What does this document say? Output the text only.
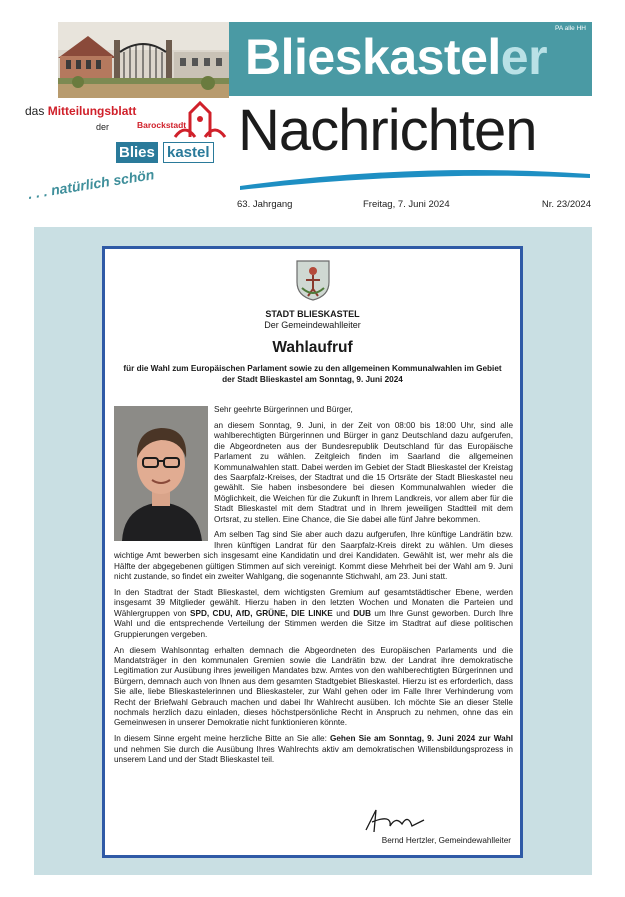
PA alle HH
Blieskasteler
Nachrichten
das Mitteilungsblatt
der	Barockstadt
Blies kastel
. . . natürlich schön
63. Jahrgang	Freitag, 7. Juni 2024	Nr. 23/2024
STADT BLIESKASTEL
Der Gemeindewahlleiter
Wahlaufruf
für die Wahl zum Europäischen Parlament sowie zu den allgemeinen Kommunalwahlen im Gebiet der Stadt Blieskastel am Sonntag, 9. Juni 2024

Sehr geehrte Bürgerinnen und Bürger,

an diesem Sonntag, 9. Juni, in der Zeit von 08:00 bis 18:00 Uhr, sind alle wahlberechtigten Bürgerinnen und Bürger in ganz Deutschland dazu aufgerufen, die Abgeordneten aus der Bundesrepublik Deutschland für das Europäische Parlament zu wählen. Zeitgleich finden im Saarland die allgemeinen Kommunalwahlen statt. Dabei werden im Gebiet der Stadt Blieskastel der Kreistag des Saarpfalz-Kreises, der Stadtrat und die 15 Ortsräte der Stadt Blieskastel neu gewählt. Sie haben insbesondere bei diesen Kommunalwahlen wieder die Möglichkeit, die Weichen für die Zukunft in Ihrem Landkreis, vor allem aber für die Stadt Blieskastel mit dem Stadtrat und in Ihrem jeweiligen Stadtteil mit dem Ortsrat, zu stellen. Eine Chance, die Sie dabei alle fünf Jahre bekommen.

Am selben Tag sind Sie aber auch dazu aufgerufen, Ihre künftige Landrätin bzw. Ihren künftigen Landrat für den Saarpfalz-Kreis direkt zu wählen. Um dieses wichtige Amt bewerben sich insgesamt eine Kandidatin und drei Kandidaten. Gewählt ist, wer mehr als die Hälfte der abgegebenen gültigen Stimmen auf sich vereinigt. Kommt diese Mehrheit bei der Wahl am 9. Juni nicht zustande, so findet ein zweiter Wahlgang, die sogenannte Stichwahl, am 23. Juni statt.

In den Stadtrat der Stadt Blieskastel, dem wichtigsten Gremium auf gesamtstädtischer Ebene, werden insgesamt 39 Mitglieder gewählt. Hierzu haben in den letzten Wochen und Monaten die Parteien und Wählergruppen von SPD, CDU, AfD, GRÜNE, DIE LINKE und DUB um Ihre Gunst geworben. Durch Ihre Wahl und die entsprechende Verteilung der Stimmen werden die Sitze im Stadtrat auf diese politischen Gruppierungen vergeben.

An diesem Wahlsonntag erhalten demnach die Abgeordneten des Europäischen Parlaments und die Mandatsträger in den kommunalen Gremien sowie die Landrätin bzw. der Landrat ihre demokratische Legitimation zur Ausübung ihres jeweiligen Mandates bzw. Amtes von den wahlberechtigten Bürgerinnen und Bürgern, demnach auch von Ihnen aus dem gesamten Stadtgebiet Blieskastel. Hierzu ist es erforderlich, dass Sie alle, liebe Blieskastelerinnen und Blieskasteler, zur Wahl gehen oder im Falle Ihrer Verhinderung vom Recht der Briefwahl Gebrauch machen und dabei Ihr Wahlrecht ausüben. Ich möchte Sie an dieser Stelle nochmals herzlich dazu einladen, dieses höchstpersönliche Recht in Anspruch zu nehmen, ohne das ein Gemeinwesen in unserer Demokratie nicht funktionieren könnte.

In diesem Sinne ergeht meine herzliche Bitte an Sie alle: Gehen Sie am Sonntag, 9. Juni 2024 zur Wahl und nehmen Sie durch die Ausübung Ihres Wahlrechts aktiv am demokratischen Willensbildungsprozess in unserem Land und der Stadt Blieskastel teil.

Bernd Hertzler, Gemeindewahlleiter
